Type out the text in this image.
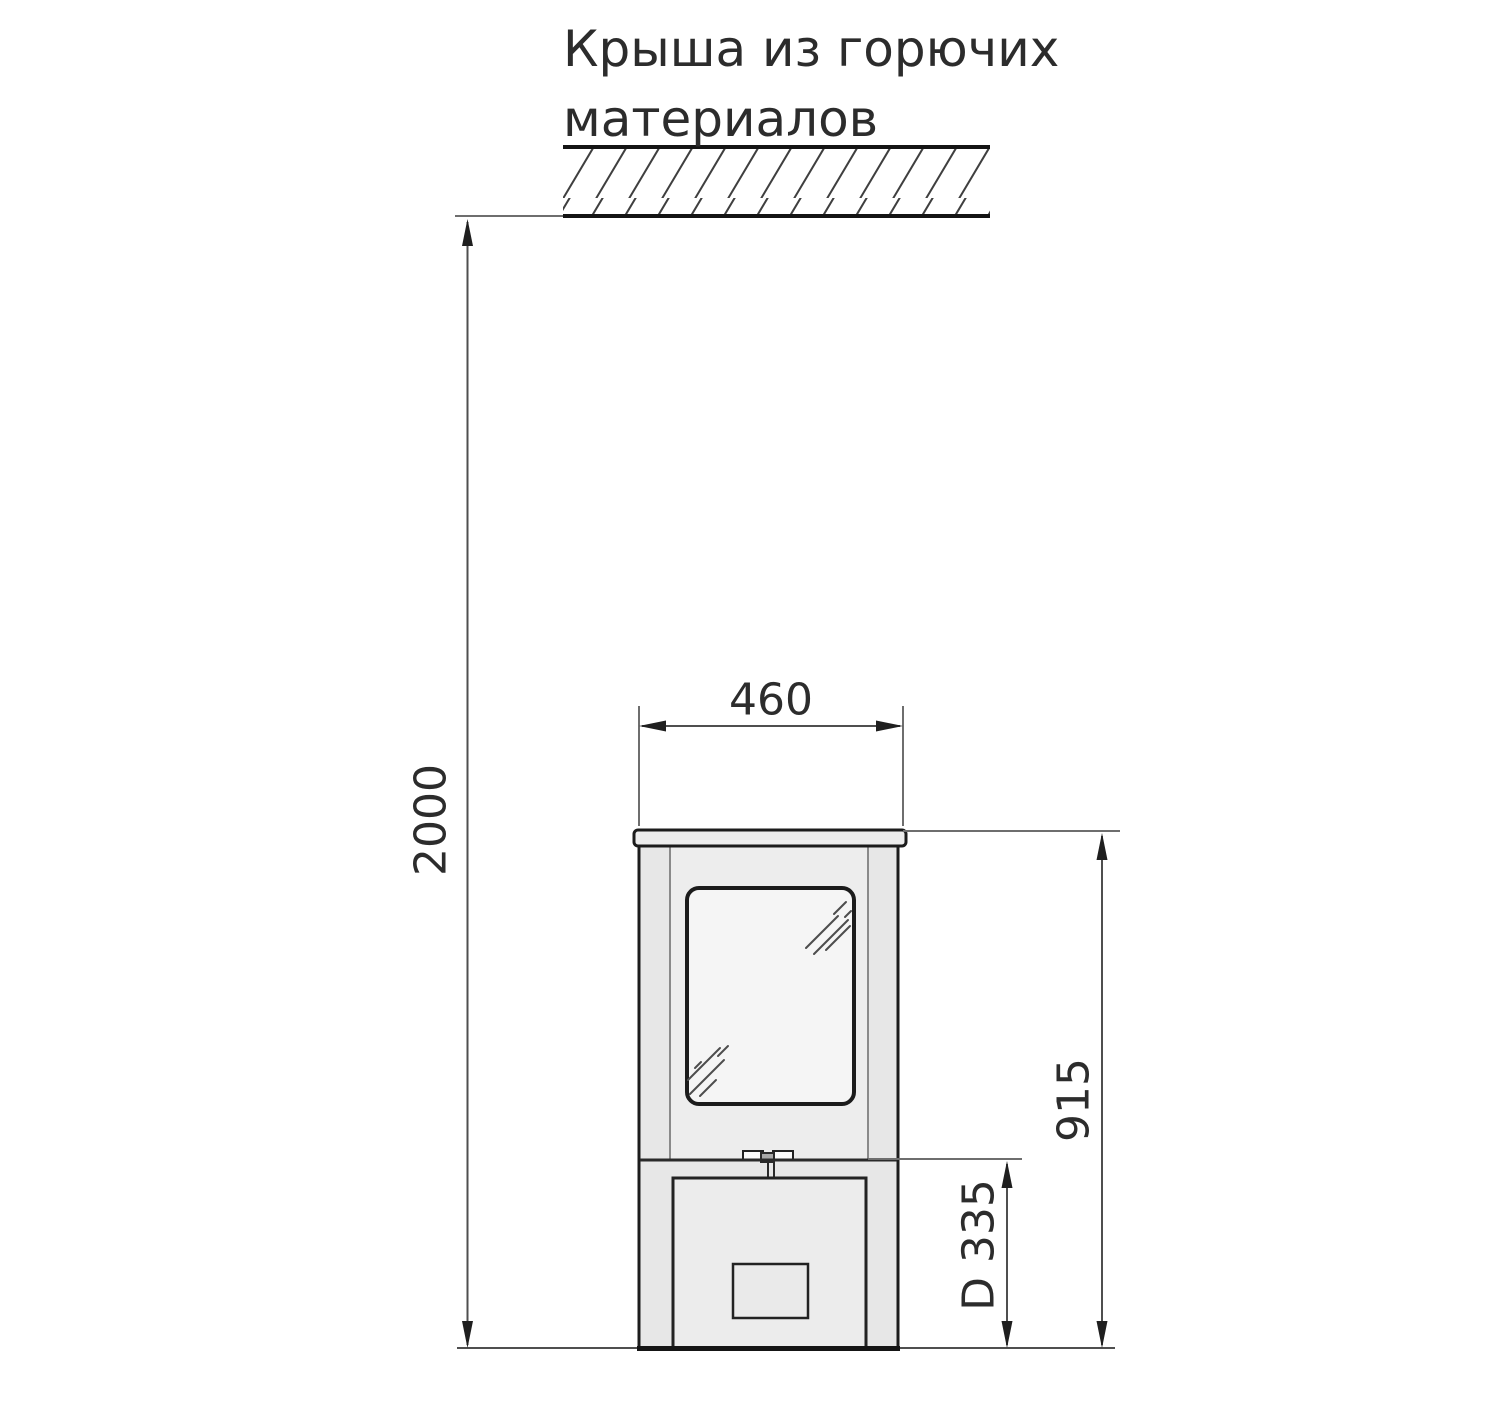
Крыша из горючих
материалов
2000
460
915
D 335
